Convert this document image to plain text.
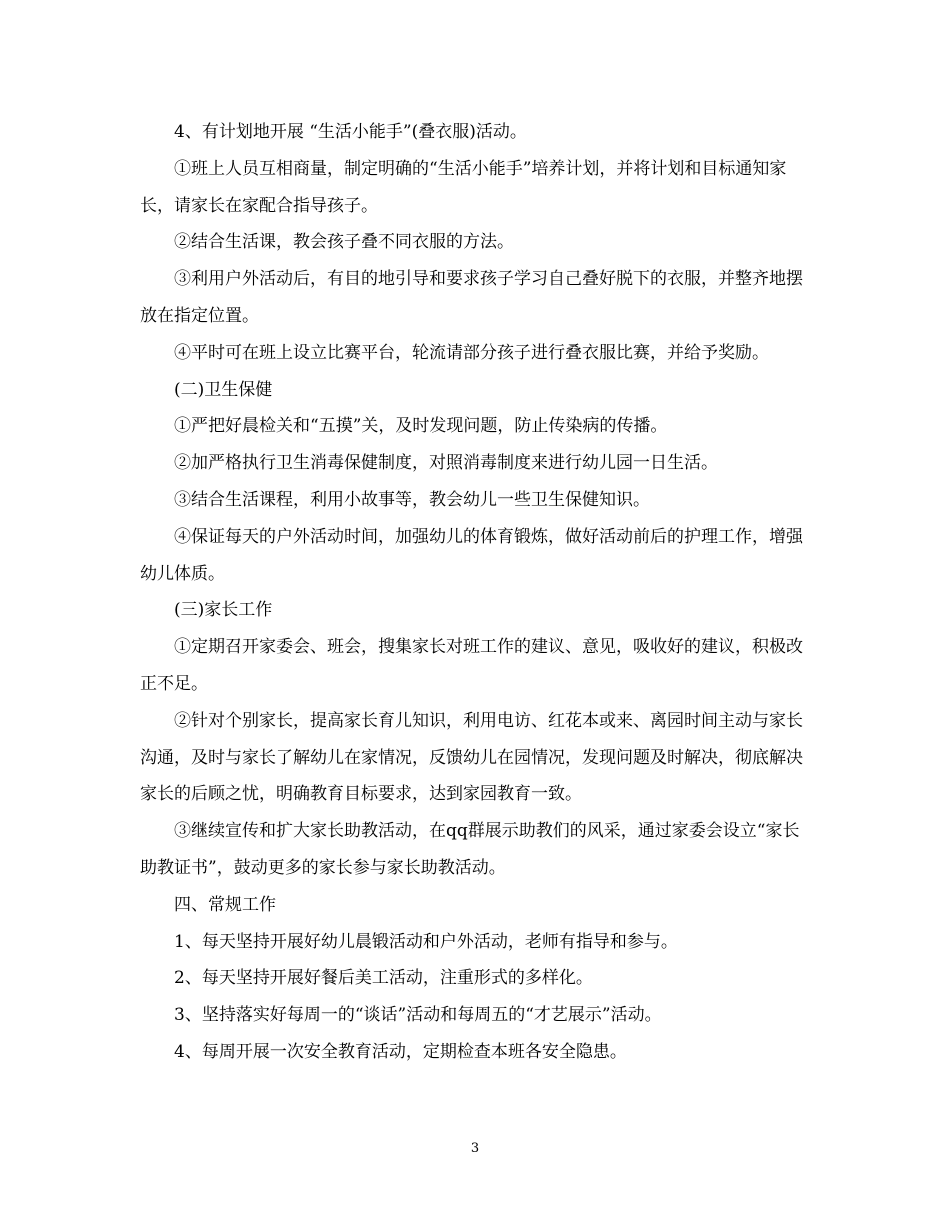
4、有计划地开展 “生活小能手”(叠衣服)活动。

①班上人员互相商量，制定明确的“生活小能手”培养计划，并将计划和目标通知家长，请家长在家配合指导孩子。

②结合生活课，教会孩子叠不同衣服的方法。

③利用户外活动后，有目的地引导和要求孩子学习自己叠好脱下的衣服，并整齐地摆放在指定位置。

④平时可在班上设立比赛平台，轮流请部分孩子进行叠衣服比赛，并给予奖励。

(二)卫生保健

①严把好晨检关和“五摸”关，及时发现问题，防止传染病的传播。

②加严格执行卫生消毒保健制度，对照消毒制度来进行幼儿园一日生活。

③结合生活课程，利用小故事等，教会幼儿一些卫生保健知识。

④保证每天的户外活动时间，加强幼儿的体育锻炼，做好活动前后的护理工作，增强幼儿体质。

(三)家长工作

①定期召开家委会、班会，搜集家长对班工作的建议、意见，吸收好的建议，积极改正不足。

②针对个别家长，提高家长育儿知识，利用电访、红花本或来、离园时间主动与家长沟通，及时与家长了解幼儿在家情况，反馈幼儿在园情况，发现问题及时解决，彻底解决家长的后顾之忧，明确教育目标要求，达到家园教育一致。

③继续宣传和扩大家长助教活动，在qq群展示助教们的风采，通过家委会设立“家长助教证书”，鼓动更多的家长参与家长助教活动。

四、常规工作

1、每天坚持开展好幼儿晨锻活动和户外活动，老师有指导和参与。

2、每天坚持开展好餐后美工活动，注重形式的多样化。

3、坚持落实好每周一的“谈话”活动和每周五的“才艺展示”活动。

4、每周开展一次安全教育活动，定期检查本班各安全隐患。

3
